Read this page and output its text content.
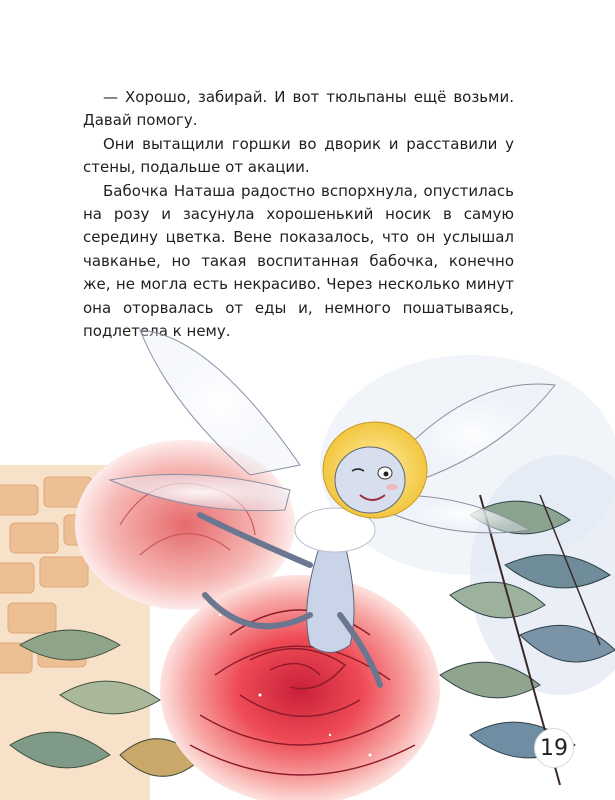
— Хорошо, забирай. И вот тюльпаны ещё возьми. Давай помогу.

Они вытащили горшки во дворик и расставили у стены, подальше от акации.

Бабочка Наташа радостно вспорхнула, опустилась на розу и засунула хорошенький носик в самую середину цветка. Вене показалось, что он услышал чавканье, но такая воспитанная бабочка, конечно же, не могла есть некрасиво. Через несколько минут она оторвалась от еды и, немного пошатываясь, подлетела к нему.

19
